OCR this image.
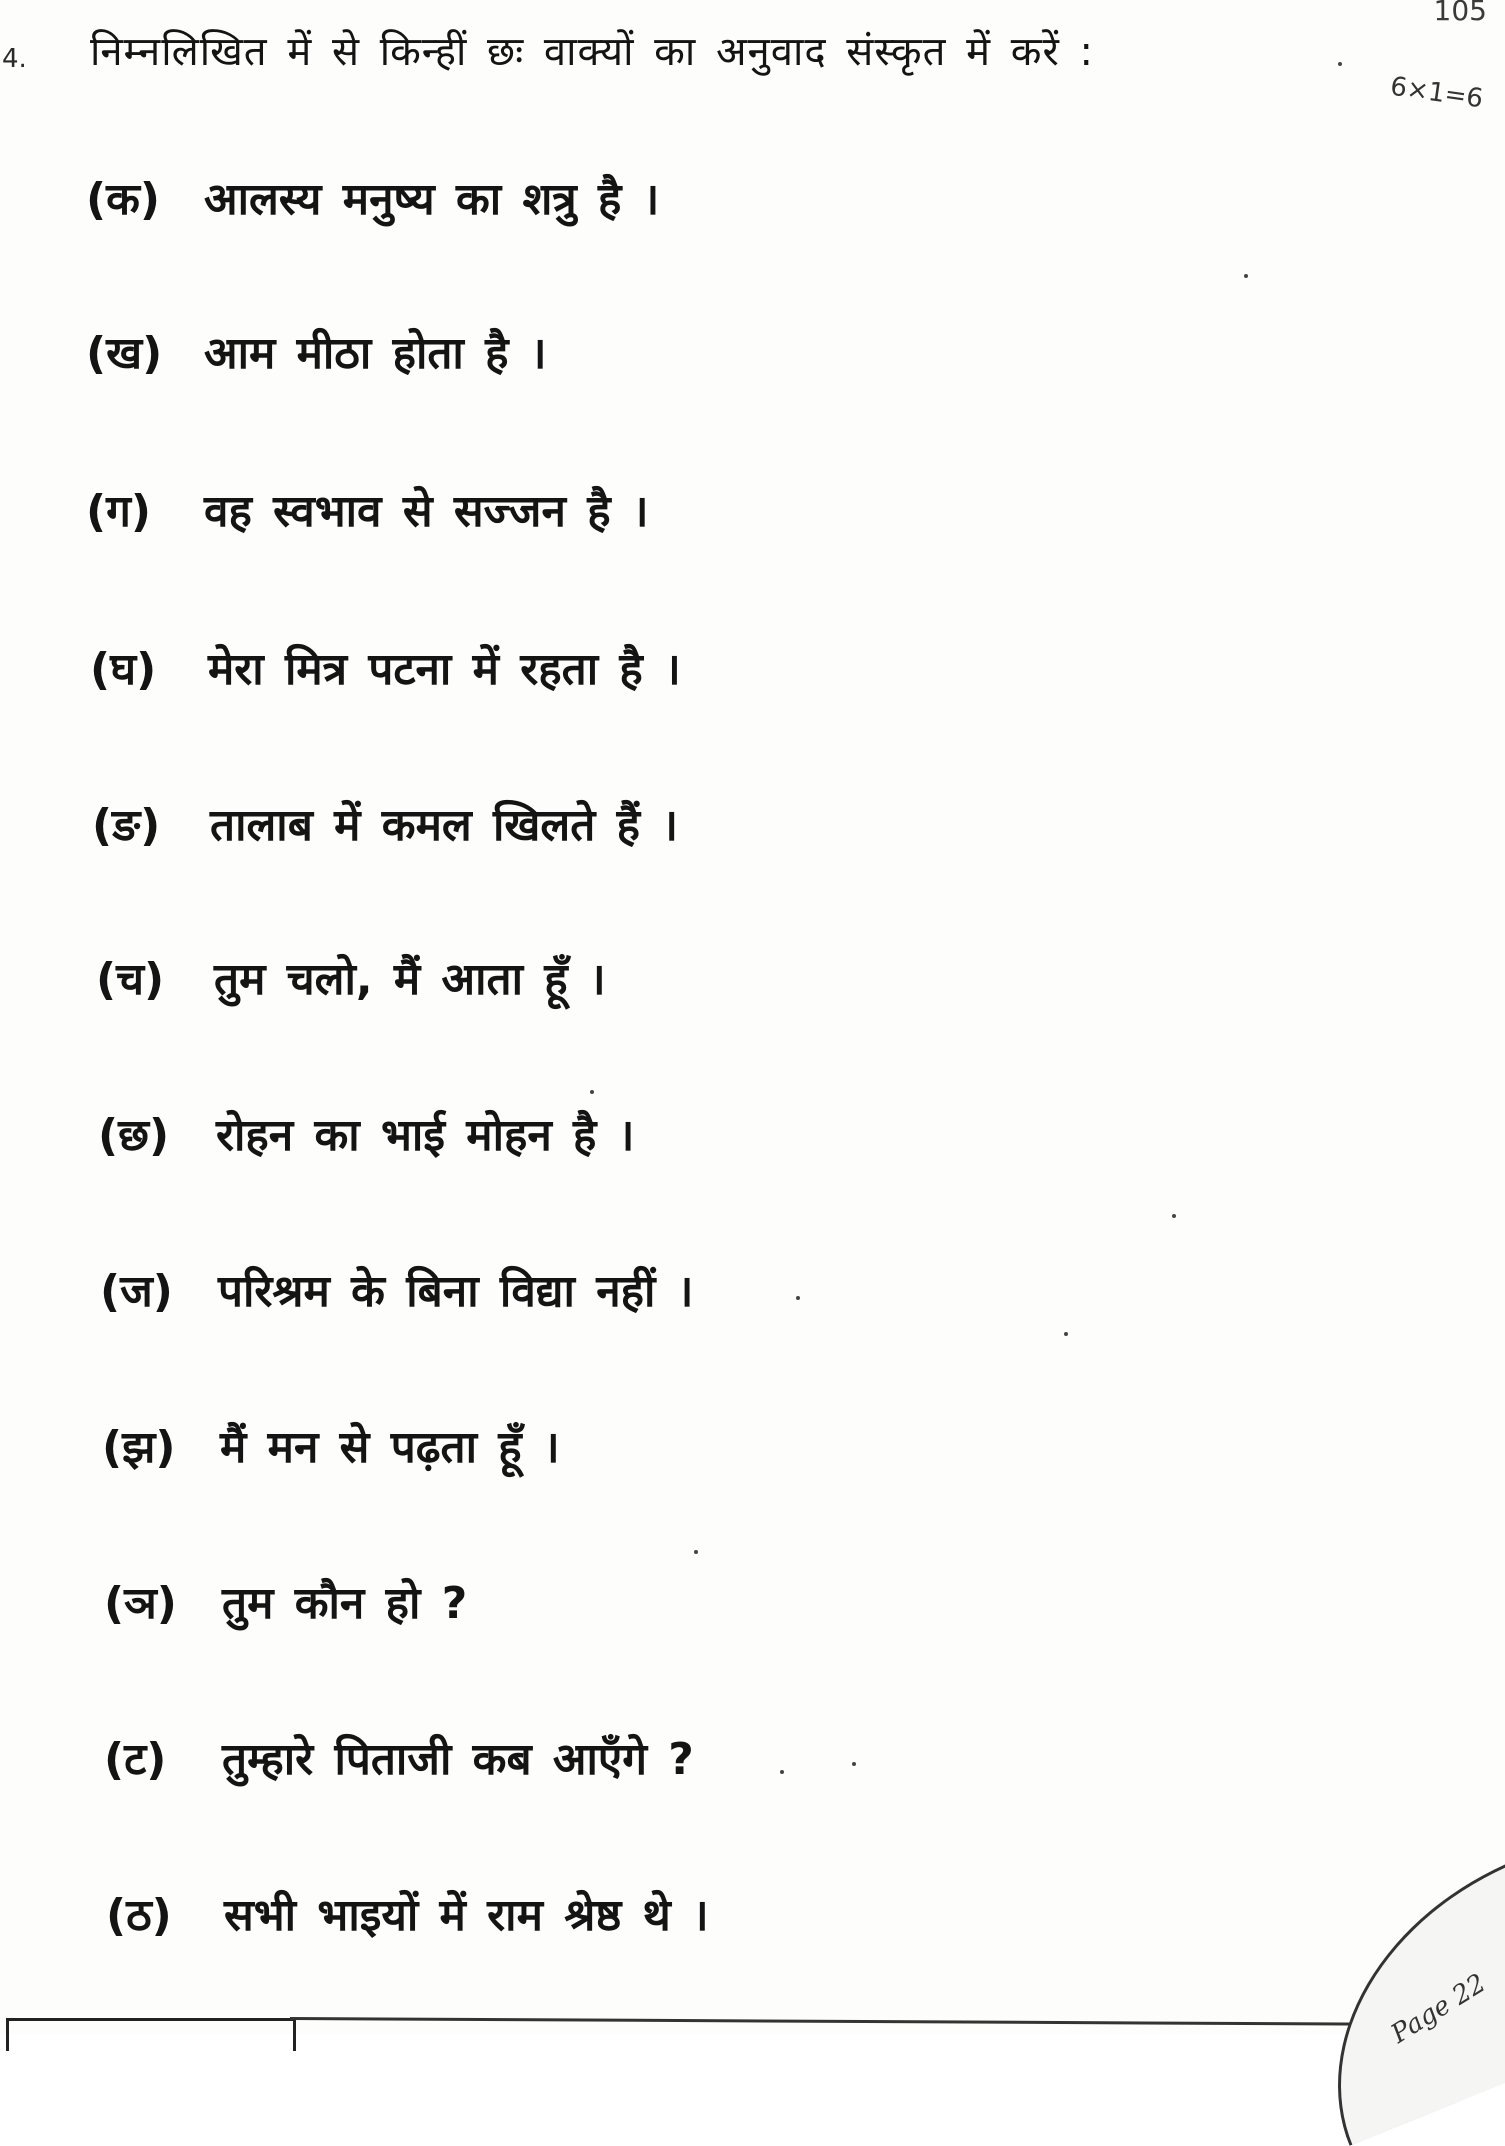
105
4. निम्नलिखित में से किन्हीं छः वाक्यों का अनुवाद संस्कृत में करें :
6×1=6
(क) आलस्य मनुष्य का शत्रु है ।
(ख) आम मीठा होता है ।
(ग) वह स्वभाव से सज्जन है ।
(घ) मेरा मित्र पटना में रहता है ।
(ङ) तालाब में कमल खिलते हैं ।
(च) तुम चलो, मैं आता हूँ ।
(छ) रोहन का भाई मोहन है ।
(ज) परिश्रम के बिना विद्या नहीं ।
(झ) मैं मन से पढ़ता हूँ ।
(ञ) तुम कौन हो ?
(ट) तुम्हारे पिताजी कब आएँगे ?
(ठ) सभी भाइयों में राम श्रेष्ठ थे ।
Page 22
